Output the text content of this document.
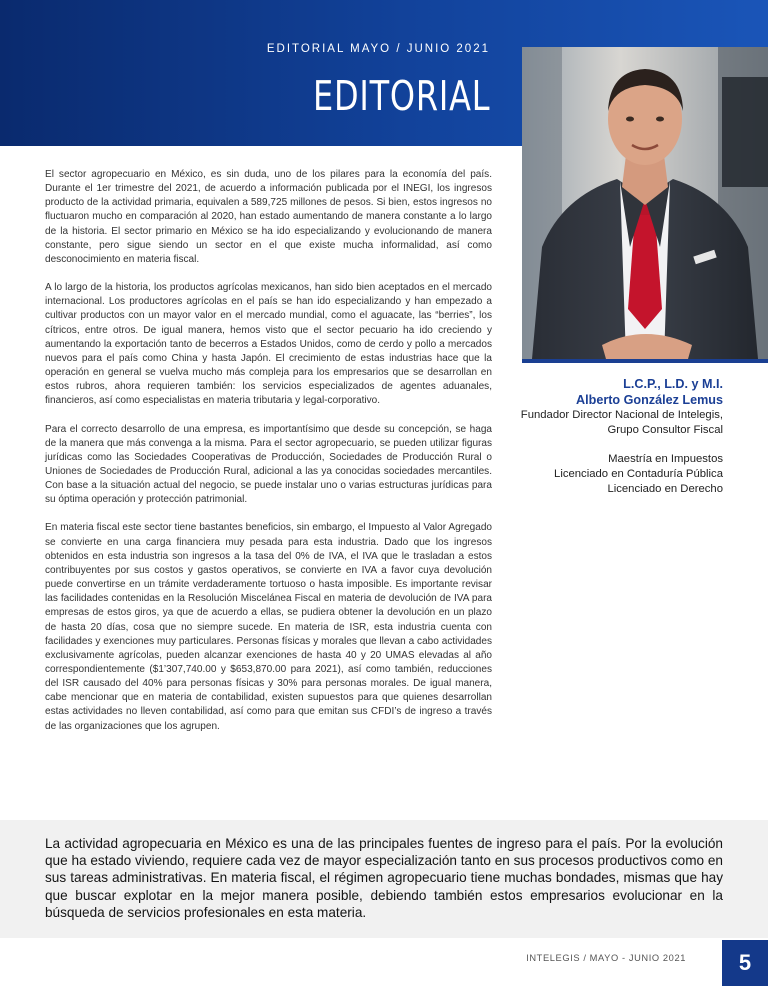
EDITORIAL MAYO / JUNIO 2021
EDITORIAL
L.C.P., L.D. y M.I.
Alberto González Lemus
Fundador Director Nacional de Intelegis,
Grupo Consultor Fiscal
Maestría en Impuestos
Licenciado en Contaduría Pública
Licenciado en Derecho

El sector agropecuario en México, es sin duda, uno de los pilares para la economía del país. Durante el 1er trimestre del 2021, de acuerdo a información publicada por el INEGI, los ingresos producto de la actividad primaria, equivalen a 589,725 millones de pesos. Si bien, estos ingresos no fluctuaron mucho en comparación al 2020, han estado aumentando de manera constante a lo largo de la historia. El sector primario en México se ha ido especializando y evolucionando de manera constante, pero sigue siendo un sector en el que existe mucha informalidad, así como desconocimiento en materia fiscal.

A lo largo de la historia, los productos agrícolas mexicanos, han sido bien aceptados en el mercado internacional. Los productores agrícolas en el país se han ido especializando y han empezado a cultivar productos con un mayor valor en el mercado mundial, como el aguacate, las “berries”, los cítricos, entre otros. De igual manera, hemos visto que el sector pecuario ha ido creciendo y aumentando la exportación tanto de becerros a Estados Unidos, como de cerdo y pollo a mercados nuevos para el país como China y hasta Japón. El crecimiento de estas industrias hace que la operación en general se vuelva mucho más compleja para los empresarios que se desarrollan en estos rubros, ahora requieren también: los servicios especializados de agentes aduanales, financieros, así como especialistas en materia tributaria y legal-corporativo.

Para el correcto desarrollo de una empresa, es importantísimo que desde su concepción, se haga de la manera que más convenga a la misma. Para el sector agropecuario, se pueden utilizar figuras jurídicas como las Sociedades Cooperativas de Producción, Sociedades de Producción Rural o Uniones de Sociedades de Producción Rural, adicional a las ya conocidas sociedades mercantiles. Con base a la situación actual del negocio, se puede instalar uno o varias estructuras jurídicas para su óptima operación y protección patrimonial.

En materia fiscal este sector tiene bastantes beneficios, sin embargo, el Impuesto al Valor Agregado se convierte en una carga financiera muy pesada para esta industria. Dado que los ingresos obtenidos en esta industria son ingresos a la tasa del 0% de IVA, el IVA que le trasladan a estos contribuyentes por sus costos y gastos operativos, se convierte en IVA a favor cuya devolución puede convertirse en un trámite verdaderamente tortuoso o hasta imposible. Es importante revisar las facilidades contenidas en la Resolución Miscelánea Fiscal en materia de devolución de IVA para empresas de estos giros, ya que de acuerdo a ellas, se pudiera obtener la devolución en un plazo de hasta 20 días, cosa que no siempre sucede. En materia de ISR, esta industria cuenta con facilidades y exenciones muy particulares. Personas físicas y morales que llevan a cabo actividades exclusivamente agrícolas, pueden alcanzar exenciones de hasta 40 y 20 UMAS elevadas al año correspondientemente ($1’307,740.00 y $653,870.00 para 2021), así como también, reducciones del ISR causado del 40% para personas físicas y 30% para personas morales. De igual manera, cabe mencionar que en materia de contabilidad, existen supuestos para que quienes desarrollan estas actividades no lleven contabilidad, así como para que emitan sus CFDI’s de ingreso a través de las organizaciones que los agrupen.

La actividad agropecuaria en México es una de las principales fuentes de ingreso para el país. Por la evolución que ha estado viviendo, requiere cada vez de mayor especialización tanto en sus procesos productivos como en sus tareas administrativas. En materia fiscal, el régimen agropecuario tiene muchas bondades, mismas que hay que buscar explotar en la mejor manera posible, debiendo también estos empresarios evolucionar en la búsqueda de servicios profesionales en esta materia.

INTELEGIS / MAYO - JUNIO 2021	5
